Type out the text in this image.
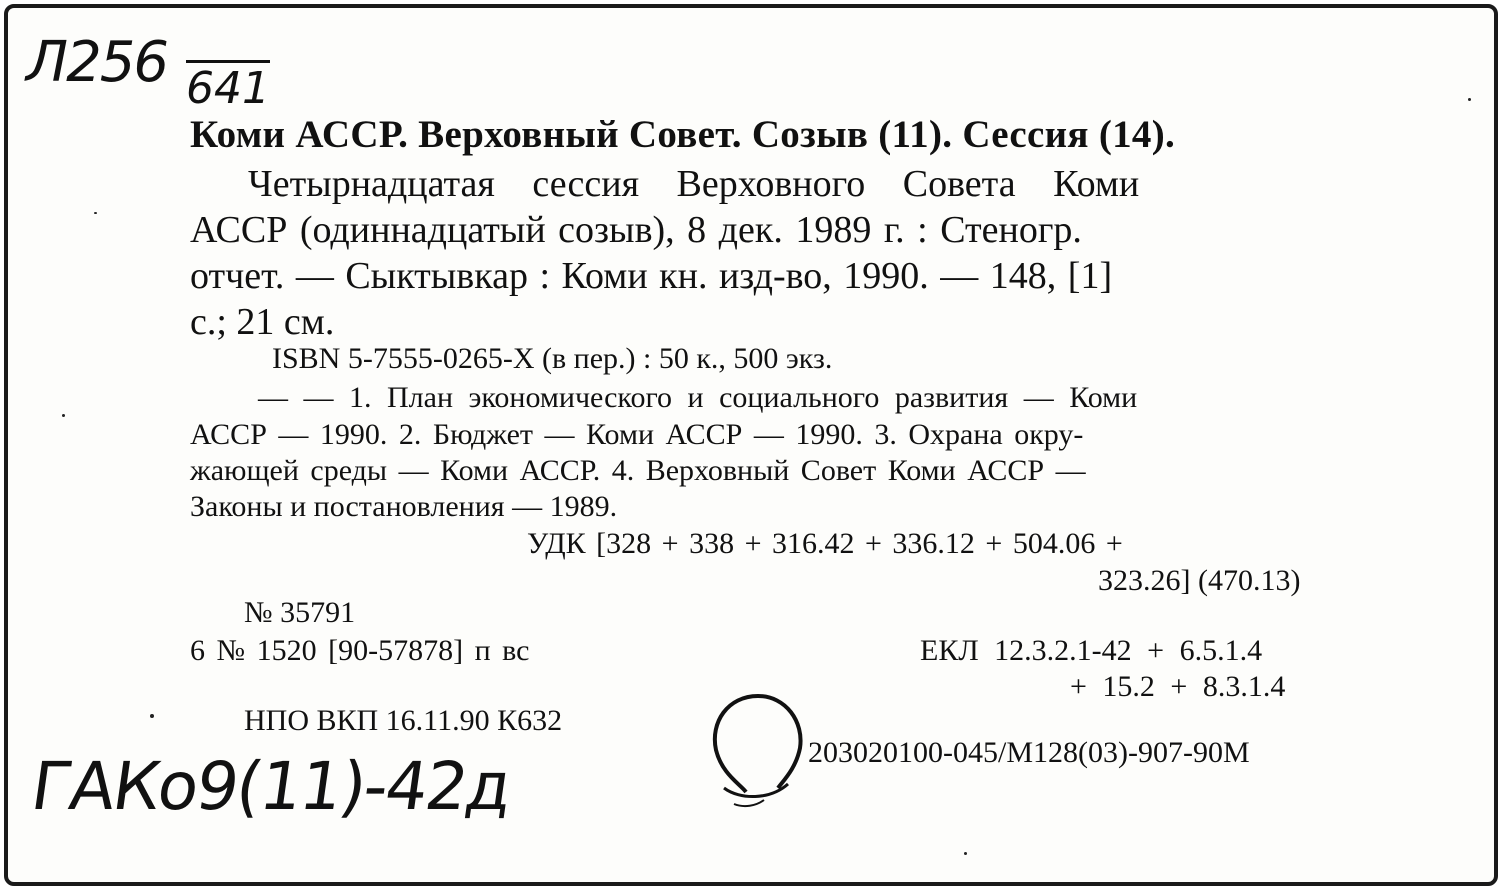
Л256 641
Коми АССР. Верховный Совет. Созыв (11). Сессия (14).
Четырнадцатая сессия Верховного Совета Коми
АССР (одиннадцатый созыв), 8 дек. 1989 г. : Стеногр.
отчет. — Сыктывкар : Коми кн. изд-во, 1990. — 148, [1]
с.; 21 см.
ISBN 5-7555-0265-X (в пер.) : 50 к., 500 экз.
— — 1. План экономического и социального развития — Коми
АССР — 1990. 2. Бюджет — Коми АССР — 1990. 3. Охрана окру-
жающей среды — Коми АССР. 4. Верховный Совет Коми АССР —
Законы и постановления — 1989.
УДК [328 + 338 + 316.42 + 336.12 + 504.06 +
323.26] (470.13)
№ 35791
6 № 1520 [90-57878] п вс	ЕКЛ 12.3.2.1-42 + 6.5.1.4
+ 15.2 + 8.3.1.4
НПО ВКП 16.11.90 К632
203020100-045/М128(03)-907-90М
ГАКо9(11)-42д
